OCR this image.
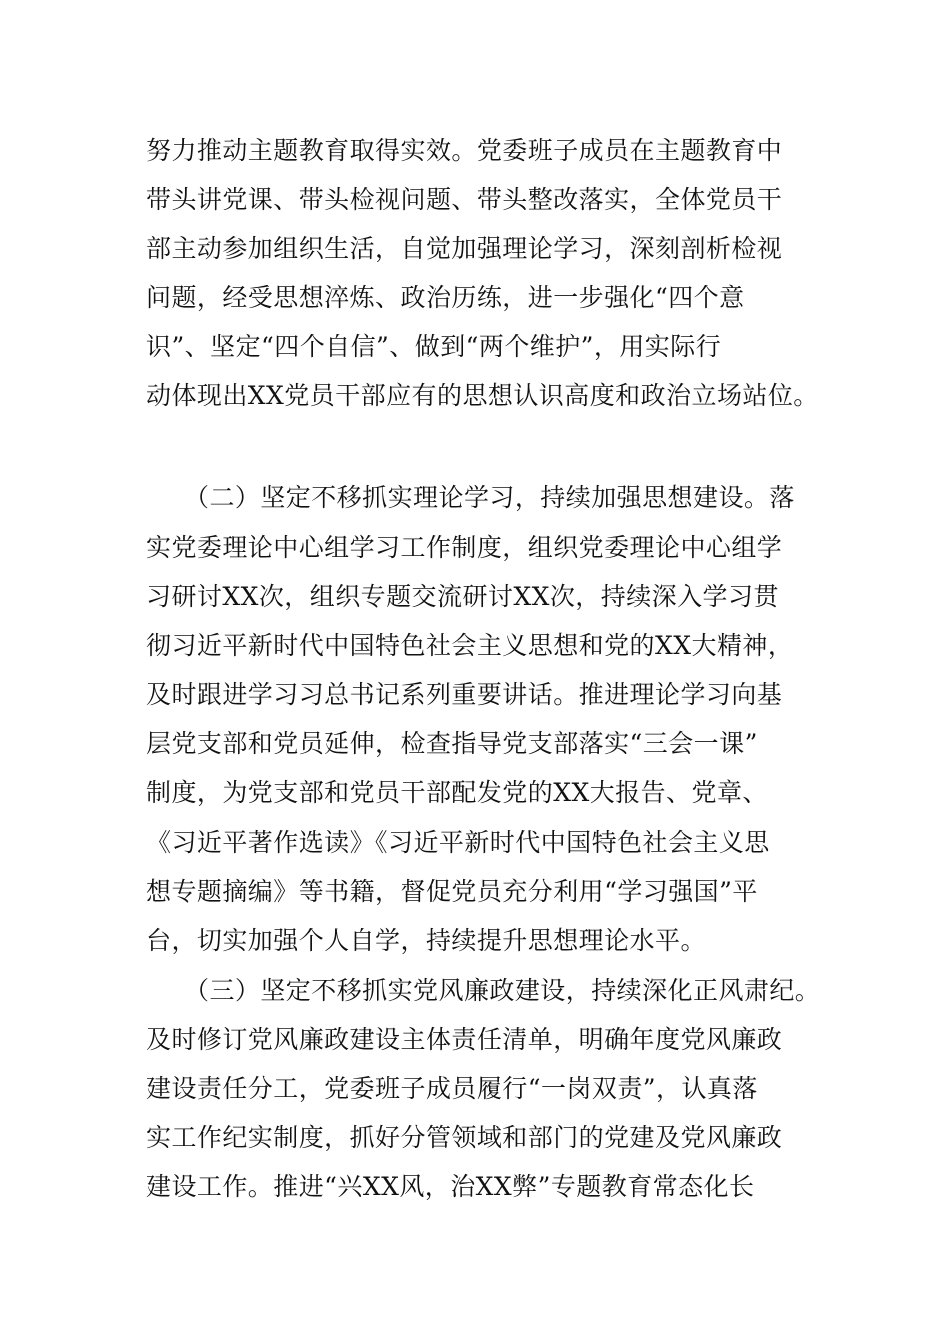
努力推动主题教育取得实效。党委班子成员在主题教育中
带头讲党课、带头检视问题、带头整改落实，全体党员干
部主动参加组织生活，自觉加强理论学习，深刻剖析检视
问题，经受思想淬炼、政治历练，进一步强化“四个意
识”、坚定“四个自信”、做到“两个维护”，用实际行
动体现出XX党员干部应有的思想认识高度和政治立场站位。
（二）坚定不移抓实理论学习，持续加强思想建设。落
实党委理论中心组学习工作制度，组织党委理论中心组学
习研讨XX次，组织专题交流研讨XX次，持续深入学习贯
彻习近平新时代中国特色社会主义思想和党的XX大精神，
及时跟进学习习总书记系列重要讲话。推进理论学习向基
层党支部和党员延伸，检查指导党支部落实“三会一课”
制度，为党支部和党员干部配发党的XX大报告、党章、
《习近平著作选读》《习近平新时代中国特色社会主义思
想专题摘编》等书籍，督促党员充分利用“学习强国”平
台，切实加强个人自学，持续提升思想理论水平。
（三）坚定不移抓实党风廉政建设，持续深化正风肃纪。
及时修订党风廉政建设主体责任清单，明确年度党风廉政
建设责任分工，党委班子成员履行“一岗双责”，认真落
实工作纪实制度，抓好分管领域和部门的党建及党风廉政
建设工作。推进“兴XX风，治XX弊”专题教育常态化长
